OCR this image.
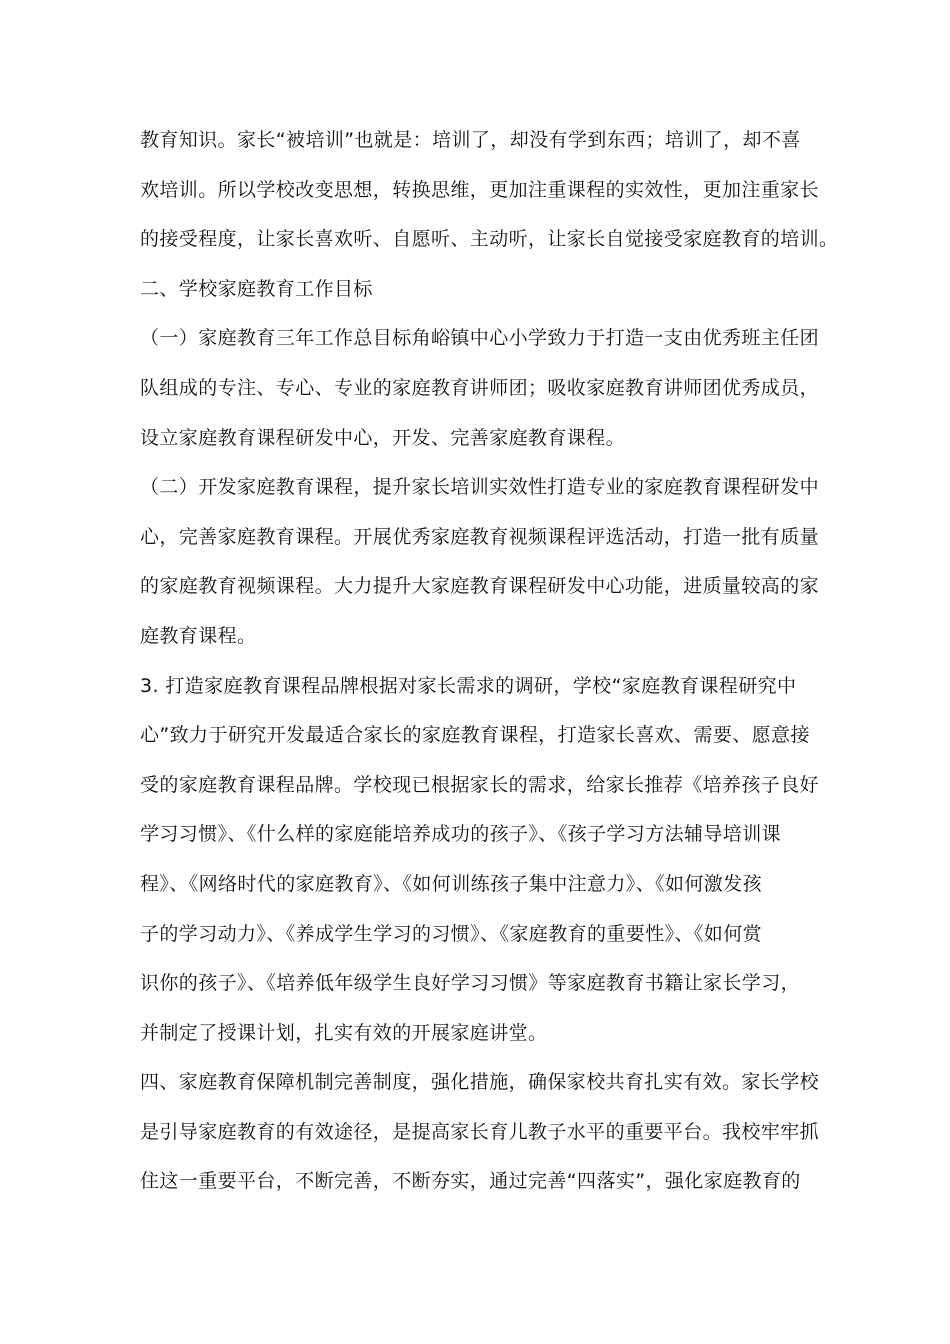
教育知识。家长“被培训”也就是：培训了，却没有学到东西；培训了，却不喜
欢培训。所以学校改变思想，转换思维，更加注重课程的实效性，更加注重家长
的接受程度，让家长喜欢听、自愿听、主动听，让家长自觉接受家庭教育的培训。
二、学校家庭教育工作目标
（一）家庭教育三年工作总目标角峪镇中心小学致力于打造一支由优秀班主任团
队组成的专注、专心、专业的家庭教育讲师团；吸收家庭教育讲师团优秀成员，
设立家庭教育课程研发中心，开发、完善家庭教育课程。
（二）开发家庭教育课程，提升家长培训实效性打造专业的家庭教育课程研发中
心，完善家庭教育课程。开展优秀家庭教育视频课程评选活动，打造一批有质量
的家庭教育视频课程。大力提升大家庭教育课程研发中心功能，进质量较高的家
庭教育课程。
3. 打造家庭教育课程品牌根据对家长需求的调研，学校“家庭教育课程研究中
心”致力于研究开发最适合家长的家庭教育课程，打造家长喜欢、需要、愿意接
受的家庭教育课程品牌。学校现已根据家长的需求，给家长推荐《培养孩子良好
学习习惯》、《什么样的家庭能培养成功的孩子》、《孩子学习方法辅导培训课
程》、《网络时代的家庭教育》、《如何训练孩子集中注意力》、《如何激发孩
子的学习动力》、《养成学生学习的习惯》、《家庭教育的重要性》、《如何赏
识你的孩子》、《培养低年级学生良好学习习惯》等家庭教育书籍让家长学习，
并制定了授课计划，扎实有效的开展家庭讲堂。
四、家庭教育保障机制完善制度，强化措施，确保家校共育扎实有效。家长学校
是引导家庭教育的有效途径，是提高家长育儿教子水平的重要平台。我校牢牢抓
住这一重要平台，不断完善，不断夯实，通过完善“四落实”，强化家庭教育的
